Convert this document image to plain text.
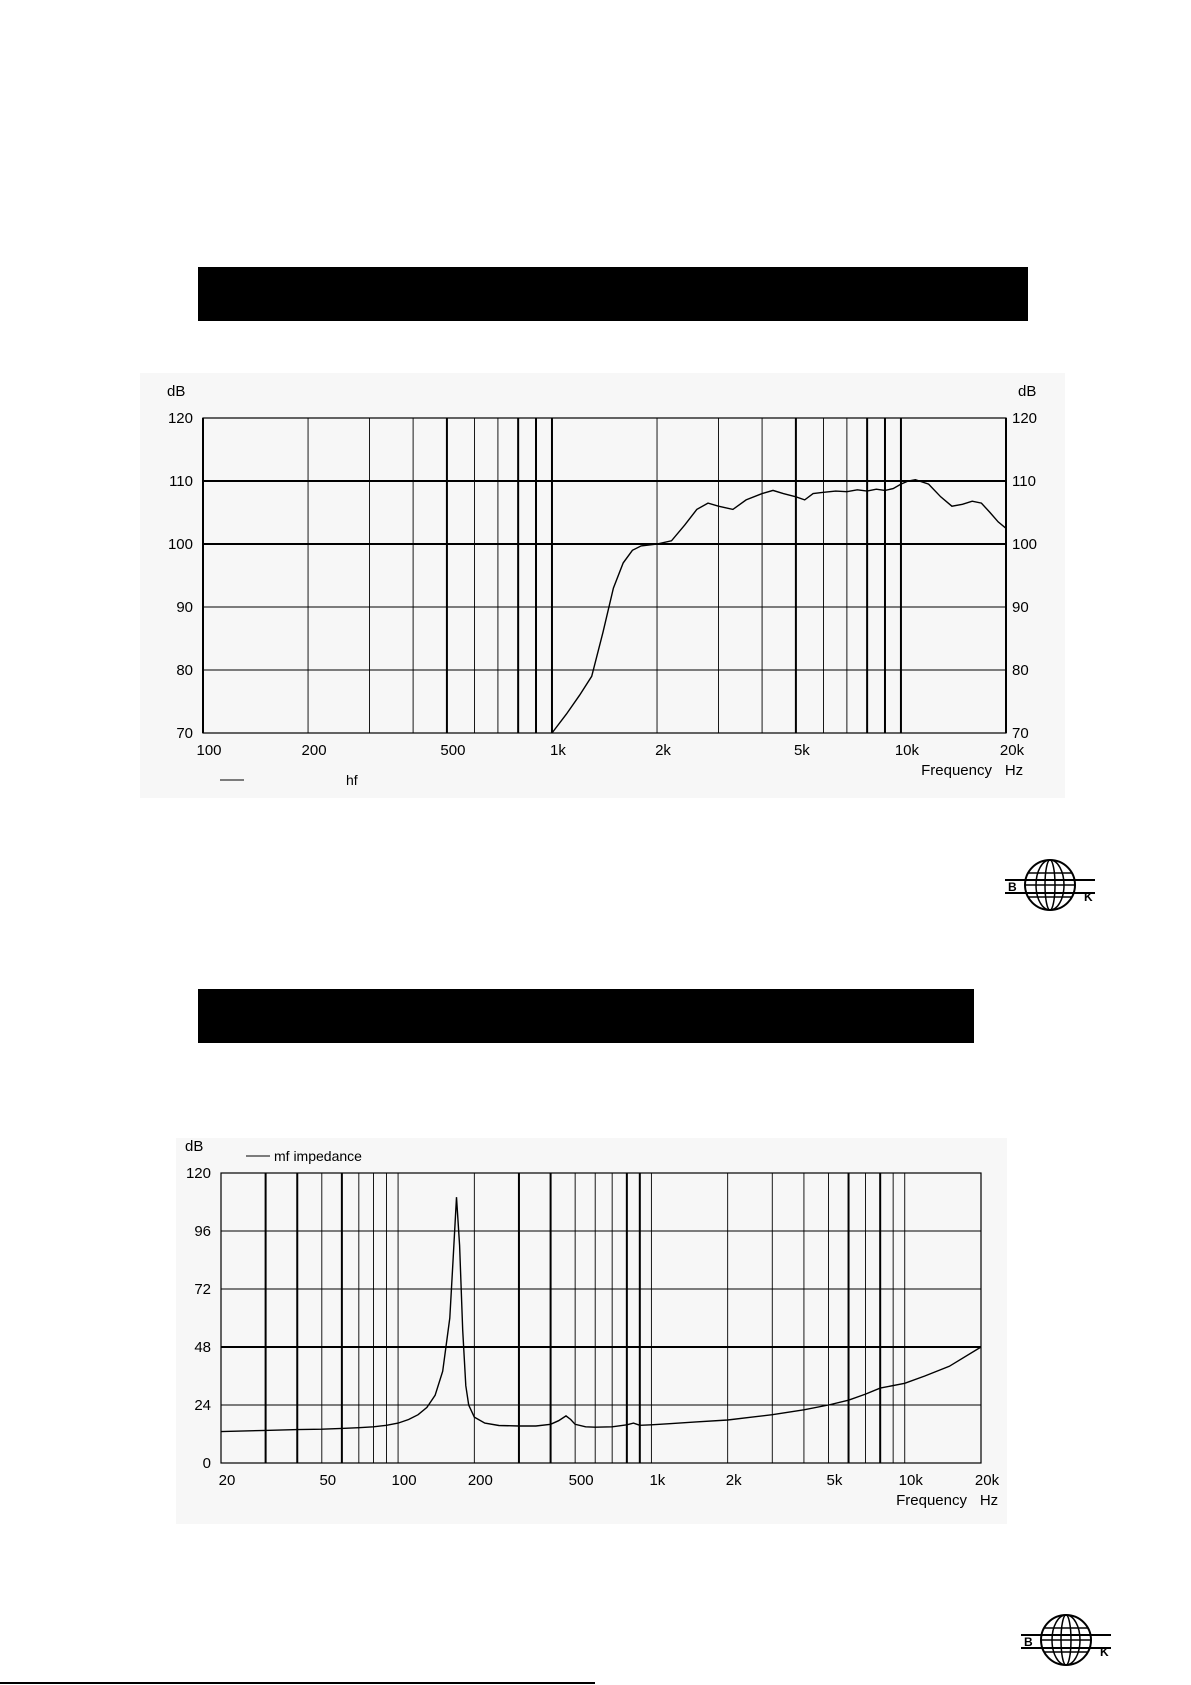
120	120
110	110
100	100
90	90
80	80
70	70
dB	dB
100	200	500	1k	2k	5k	10k	20k
Frequency Hz
hf
B
K
120
96
72
48
24
0
dB
20	50	100	200	500	1k	2k	5k	10k	20k
Frequency Hz
mf impedance
B
K
